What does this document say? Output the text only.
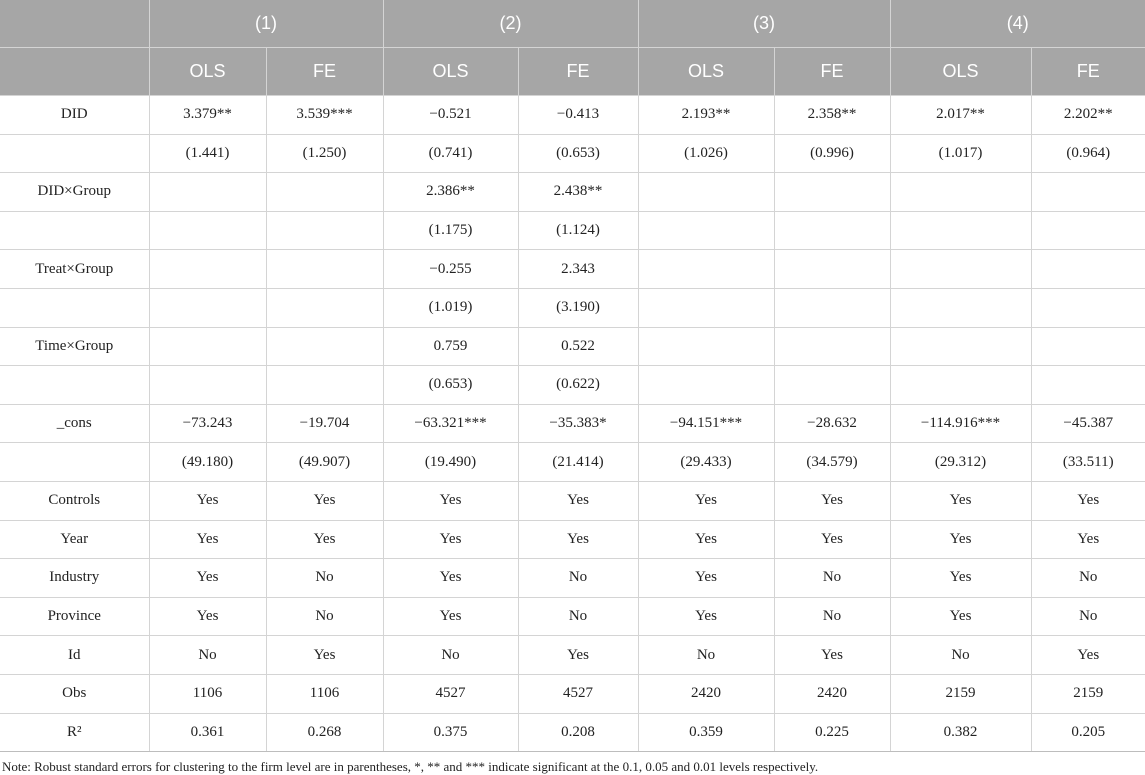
	(1)		(2)		(3)		(4)	
	OLS	FE	OLS	FE	OLS	FE	OLS	FE
DID	3.379**	3.539***	−0.521	−0.413	2.193**	2.358**	2.017**	2.202**
	(1.441)	(1.250)	(0.741)	(0.653)	(1.026)	(0.996)	(1.017)	(0.964)
DID×Group			2.386**	2.438**				
			(1.175)	(1.124)				
Treat×Group			−0.255	2.343				
			(1.019)	(3.190)				
Time×Group			0.759	0.522				
			(0.653)	(0.622)				
_cons	−73.243	−19.704	−63.321***	−35.383*	−94.151***	−28.632	−114.916***	−45.387
	(49.180)	(49.907)	(19.490)	(21.414)	(29.433)	(34.579)	(29.312)	(33.511)
Controls	Yes	Yes	Yes	Yes	Yes	Yes	Yes	Yes
Year	Yes	Yes	Yes	Yes	Yes	Yes	Yes	Yes
Industry	Yes	No	Yes	No	Yes	No	Yes	No
Province	Yes	No	Yes	No	Yes	No	Yes	No
Id	No	Yes	No	Yes	No	Yes	No	Yes
Obs	1106	1106	4527	4527	2420	2420	2159	2159
R²	0.361	0.268	0.375	0.208	0.359	0.225	0.382	0.205
Note: Robust standard errors for clustering to the firm level are in parentheses, *, ** and *** indicate significant at the 0.1, 0.05 and 0.01 levels respectively.
